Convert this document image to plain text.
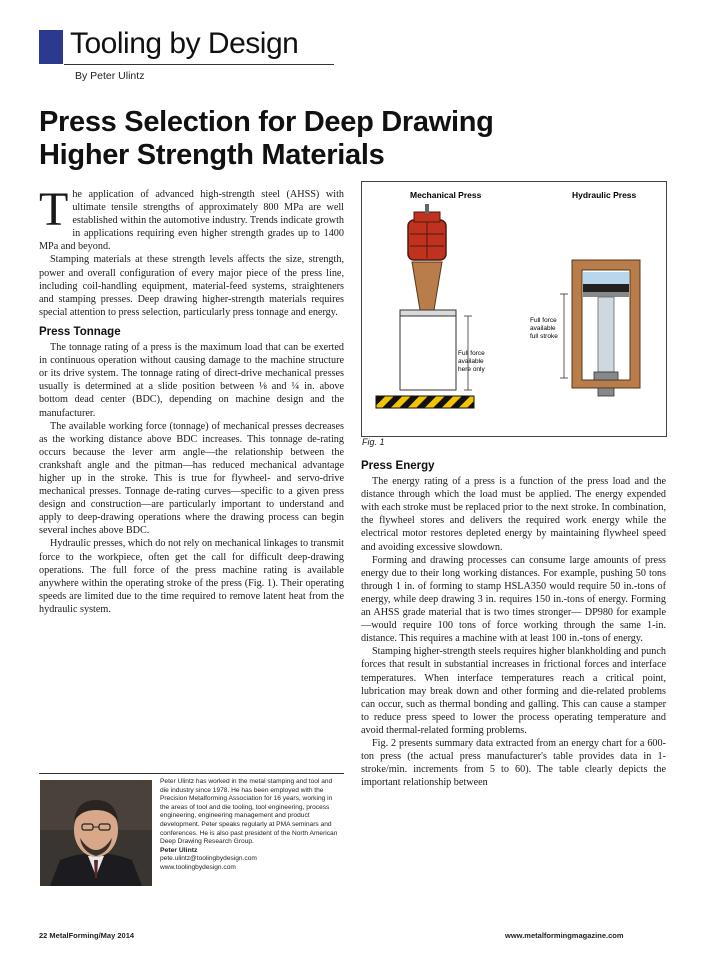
Tooling by Design
By Peter Ulintz
Press Selection for Deep Drawing
Higher Strength Materials

The application of advanced high-strength steel (AHSS) with ultimate tensile strengths of approximately 800 MPa are well established within the automotive industry. Trends indicate growth in applications requiring even higher strength grades up to 1400 MPa and beyond.

Stamping materials at these strength levels affects the size, strength, power and overall configuration of every major piece of the press line, including coil-handling equipment, material-feed systems, straighteners and stamping presses. Deep drawing higher-strength materials requires special attention to press selection, particularly press tonnage and energy.

Press Tonnage

The tonnage rating of a press is the maximum load that can be exerted in continuous operation without causing damage to the machine structure or its drive system. The tonnage rating of direct-drive mechanical presses usually is determined at a slide position between ⅛ and ¼ in. above bottom dead center (BDC), depending on machine design and the manufacturer.

The available working force (tonnage) of mechanical presses decreases as the working distance above BDC increases. This tonnage de-rating occurs because the lever arm angle—the relationship between the crankshaft angle and the pitman—has reduced mechanical advantage higher up in the stroke. This is true for flywheel- and servo-drive mechanical presses. Tonnage de-rating curves—specific to a given press design and construction—are particularly important to understand and apply to deep-drawing operations where the drawing process can begin several inches above BDC.

Hydraulic presses, which do not rely on mechanical linkages to transmit force to the workpiece, often get the call for difficult deep-drawing operations. The full force of the press machine rating is available anywhere within the operating stroke of the press (Fig. 1). Their operating speeds are limited due to the time required to remove latent heat from the hydraulic system.

Mechanical Press	Hydraulic Press
Full force
available
here only
Full force
available
full stroke
Fig. 1
Press Energy

The energy rating of a press is a function of the press load and the distance through which the load must be applied. The energy expended with each stroke must be replaced prior to the next stroke. In combination, the flywheel stores and delivers the required work energy while the electrical motor restores depleted energy by maintaining flywheel speed and avoiding excessive slowdown.

Forming and drawing processes can consume large amounts of press energy due to their long working distances. For example, pushing 50 tons through 1 in. of forming to stamp HSLA350 would require 50 in.-tons of energy, while deep drawing 3 in. requires 150 in.-tons of energy. Forming an AHSS grade material that is two times stronger— DP980 for example—would require 100 tons of force working through the same 1-in. distance. This requires a machine with at least 100 in.-tons of energy.

Stamping higher-strength steels requires higher blankholding and punch forces that result in substantial increases in frictional forces and interface temperatures. When interface temperatures reach a critical point, lubrication may break down and other forming and die-related problems can occur, such as thermal bonding and galling. This can cause a stamper to reduce press speed to lower the process operating temperature and avoid thermal-related forming problems.

Fig. 2 presents summary data extracted from an energy chart for a 600-ton press (the actual press manufacturer's table provides data in 1-stroke/min. increments from 5 to 60). The table clearly depicts the important relationship between

Peter Ulintz has worked in the metal stamping and tool and die industry since 1978. He has been employed with the Precision Metalforming Association for 16 years, working in the areas of tool and die tooling, tool engineering, process engineering, engineering management and product development. Peter speaks regularly at PMA seminars and conferences. He is also past president of the North American Deep Drawing Research Group.
Peter Ulintz
pete.ulintz@toolingbydesign.com
www.toolingbydesign.com
22 MetalForming/May 2014	www.metalformingmagazine.com
